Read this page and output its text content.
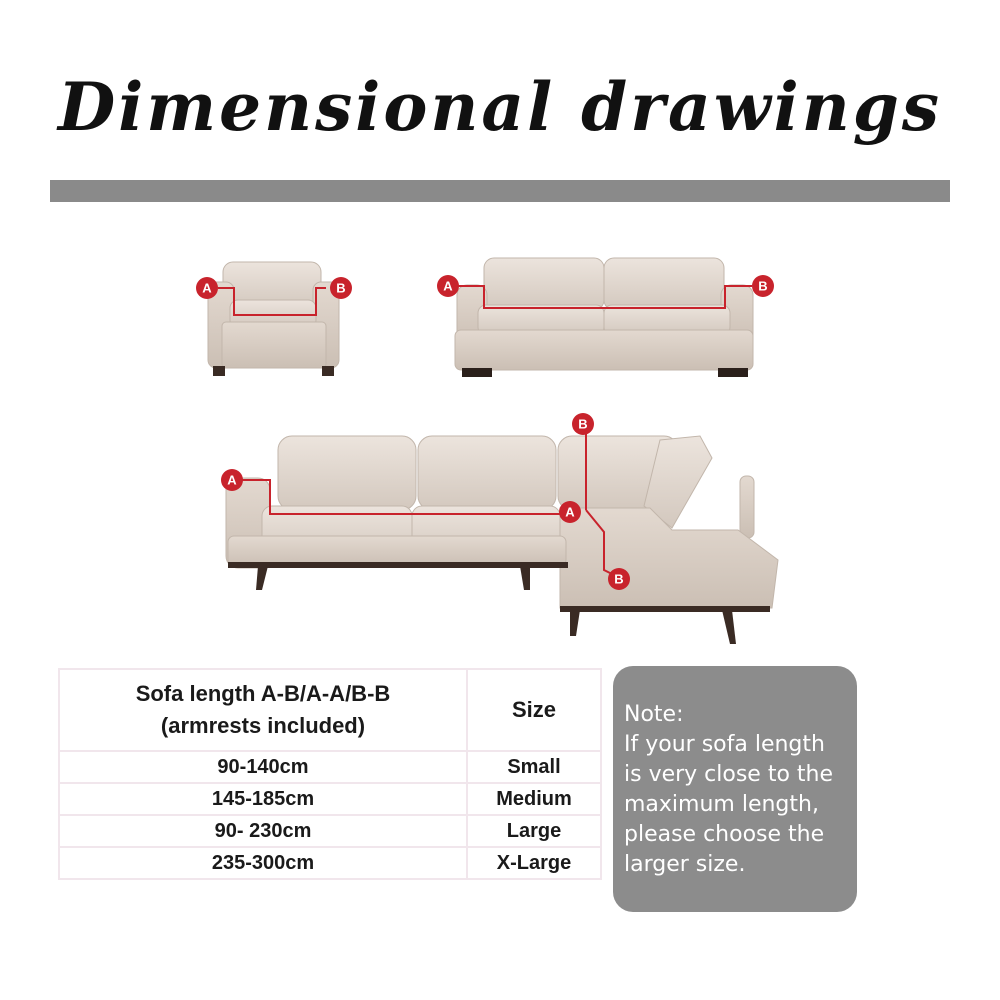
Dimensional drawings
A	B	A	B
A
A
B
B
Sofa length A-B/A-A/B-B
(armrests included)	Size
90-140cm	Small
145-185cm	Medium
90- 230cm	Large
235-300cm	X-Large
Note:
If your sofa length
is very close to the
maximum length,
please choose the
larger size.
